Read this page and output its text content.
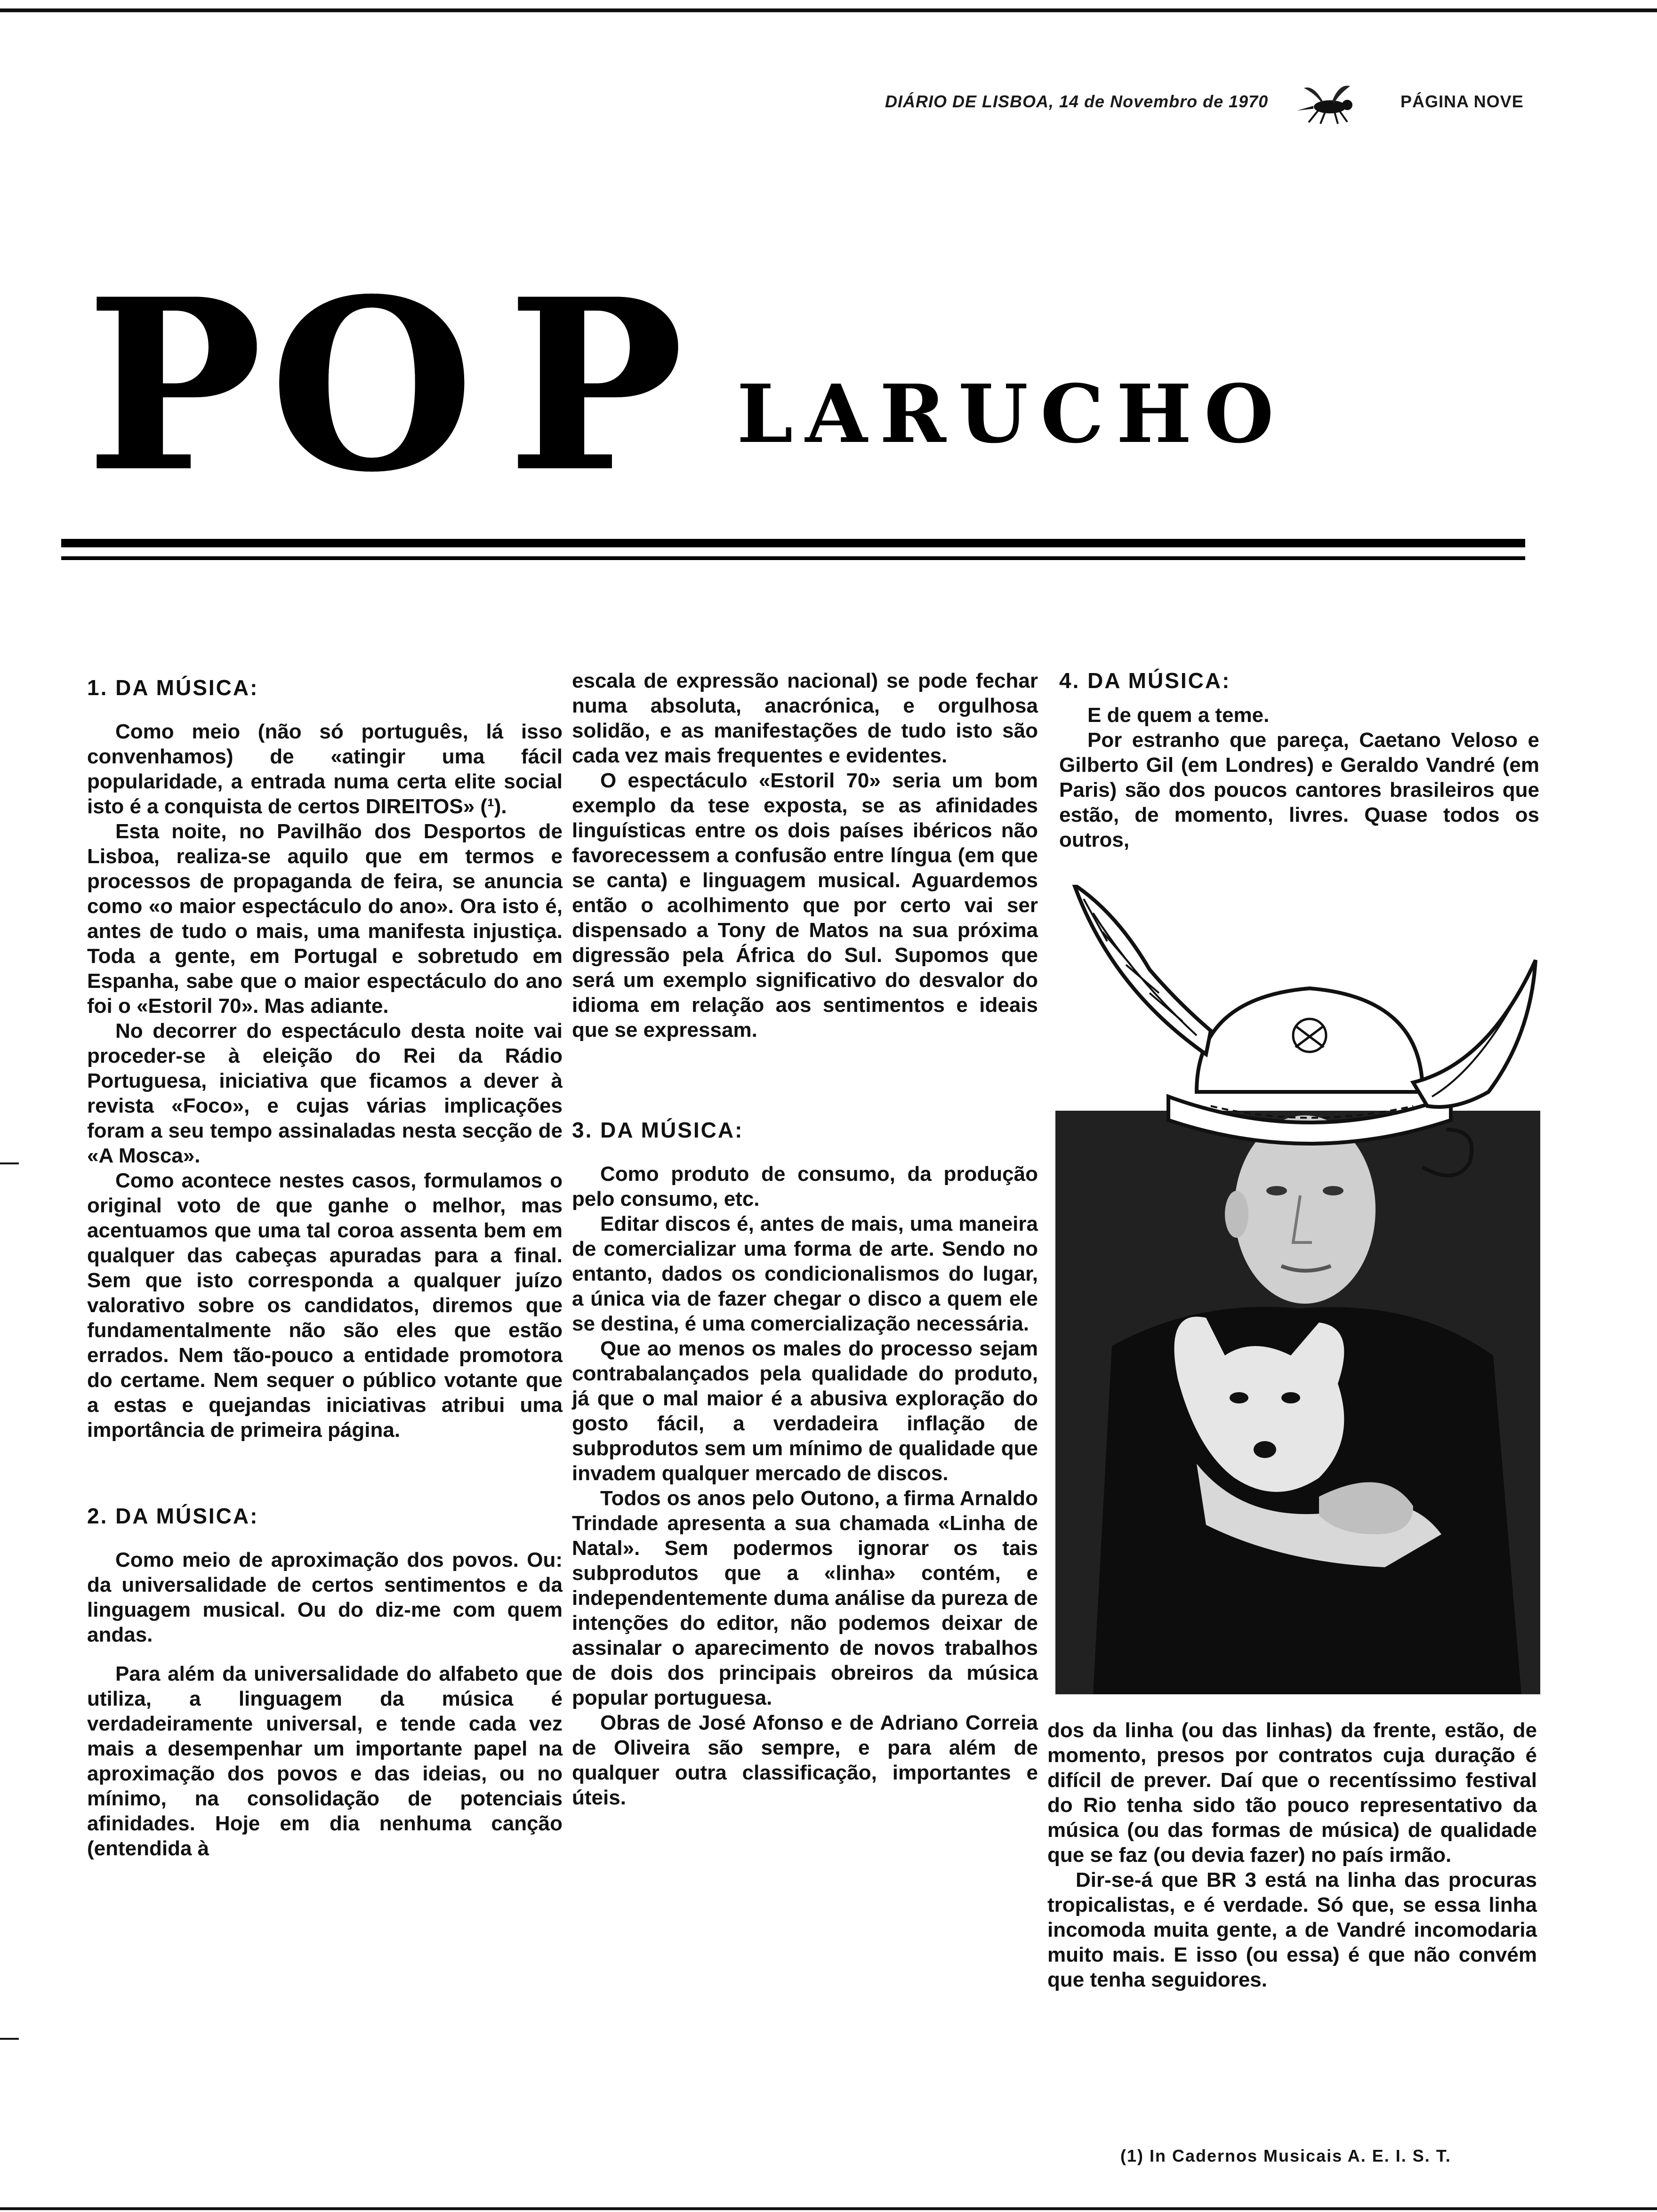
DIÁRIO DE LISBOA, 14 de Novembro de 1970	PÁGINA NOVE
P O P LARUCHO

1. DA MÚSICA:

Como meio (não só português, lá isso convenhamos) de «atingir uma fácil popularidade, a entrada numa certa elite social isto é a conquista de certos DIREITOS» (¹).

Esta noite, no Pavilhão dos Desportos de Lisboa, realiza-se aquilo que em termos e processos de propaganda de feira, se anuncia como «o maior espectáculo do ano». Ora isto é, antes de tudo o mais, uma manifesta injustiça. Toda a gente, em Portugal e sobretudo em Espanha, sabe que o maior espectáculo do ano foi o «Estoril 70». Mas adiante.

No decorrer do espectáculo desta noite vai proceder-se à eleição do Rei da Rádio Portuguesa, iniciativa que ficamos a dever à revista «Foco», e cujas várias implicações foram a seu tempo assinaladas nesta secção de «A Mosca».

Como acontece nestes casos, formulamos o original voto de que ganhe o melhor, mas acentuamos que uma tal coroa assenta bem em qualquer das cabeças apuradas para a final. Sem que isto corresponda a qualquer juízo valorativo sobre os candidatos, diremos que fundamentalmente não são eles que estão errados. Nem tão-pouco a entidade promotora do certame. Nem sequer o público votante que a estas e quejandas iniciativas atribui uma importância de primeira página.

2. DA MÚSICA:

Como meio de aproximação dos povos. Ou: da universalidade de certos sentimentos e da linguagem musical. Ou do diz-me com quem andas.

Para além da universalidade do alfabeto que utiliza, a linguagem da música é verdadeiramente universal, e tende cada vez mais a desempenhar um importante papel na aproximação dos povos e das ideias, ou no mínimo, na consolidação de potenciais afinidades. Hoje em dia nenhuma canção (entendida à

escala de expressão nacional) se pode fechar numa absoluta, anacrónica, e orgulhosa solidão, e as manifestações de tudo isto são cada vez mais frequentes e evidentes.

O espectáculo «Estoril 70» seria um bom exemplo da tese exposta, se as afinidades linguísticas entre os dois países ibéricos não favorecessem a confusão entre língua (em que se canta) e linguagem musical. Aguardemos então o acolhimento que por certo vai ser dispensado a Tony de Matos na sua próxima digressão pela África do Sul. Supomos que será um exemplo significativo do desvalor do idioma em relação aos sentimentos e ideais que se expressam.

3. DA MÚSICA:

Como produto de consumo, da produção pelo consumo, etc.

Editar discos é, antes de mais, uma maneira de comercializar uma forma de arte. Sendo no entanto, dados os condicionalismos do lugar, a única via de fazer chegar o disco a quem ele se destina, é uma comercialização necessária.

Que ao menos os males do processo sejam contrabalançados pela qualidade do produto, já que o mal maior é a abusiva exploração do gosto fácil, a verdadeira inflação de subprodutos sem um mínimo de qualidade que invadem qualquer mercado de discos.

Todos os anos pelo Outono, a firma Arnaldo Trindade apresenta a sua chamada «Linha de Natal». Sem podermos ignorar os tais subprodutos que a «linha» contém, e independentemente duma análise da pureza de intenções do editor, não podemos deixar de assinalar o aparecimento de novos trabalhos de dois dos principais obreiros da música popular portuguesa.

Obras de José Afonso e de Adriano Correia de Oliveira são sempre, e para além de qualquer outra classificação, importantes e úteis.

4. DA MÚSICA:

E de quem a teme.

Por estranho que pareça, Caetano Veloso e Gilberto Gil (em Londres) e Geraldo Vandré (em Paris) são dos poucos cantores brasileiros que estão, de momento, livres. Quase todos os outros,

dos da linha (ou das linhas) da frente, estão, de momento, presos por contratos cuja duração é difícil de prever. Daí que o recentíssimo festival do Rio tenha sido tão pouco representativo da música (ou das formas de música) de qualidade que se faz (ou devia fazer) no país irmão.

Dir-se-á que BR 3 está na linha das procuras tropicalistas, e é verdade. Só que, se essa linha incomoda muita gente, a de Vandré incomodaria muito mais. E isso (ou essa) é que não convém que tenha seguidores.

(1) In Cadernos Musicais A. E. I. S. T.
